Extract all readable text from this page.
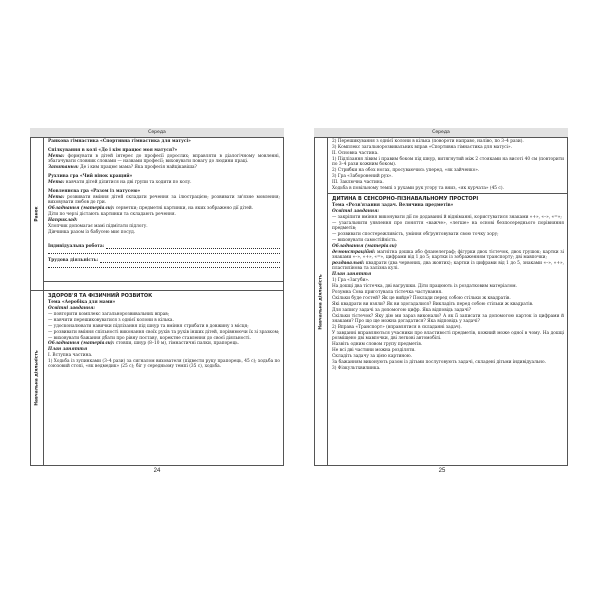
Середа
Ранок
Навчальна діяльність

Ранкова гімнастика «Спортивна гімнастика для матусі»

Спілкування в колі «До і кім працює моя матуся?»

Мета: формувати в дітей інтерес до професії дорослих; вправляти в діалогічному мовленні, збагачувати словник словами — назвами професії; виховувати повагу до людини праці.

Запитання: Де і ким працює мама? Яка професія найцікавіша?

Рухлива гра «Чий вінок кращий»

Мета: навчати дітей ділитися на дві групи та ходити по колу.

Мовленнєва гра «Разом із матусею»

Мета: розвивати вміння дітей складати речення за ілюстрацією; розвивати зв'язне мовлення; виховувати любов до гри.

Обладнання (матеріали): серветки; предметні картинки, на яких зображено дії дітей.

Діти по черзі дістають картинки та складають речення.

Наприклад:

Хлопчик допомагає мамі підмітати підлогу.

Дівчинка разом із бабусею миє посуд.

Індивідуальна робота:
Трудова діяльність:

ЗДОРОВ'Я ТА ФІЗИЧНИЙ РОЗВИТОК

Тема «Аеробіка для мами»

Освітні завдання:

— повторити комплекс загальнорозвивальних вправ;

— навчити перешиковуватися з однієї колони в кілька.

— удосконалювати навички підлізання під шнур та вміння стрибати в довжину з місця;

— розвивати вміння спільності виконання своїх рухів та рухів інших дітей, порівнюючи їх зі зразком;

— виховувати бажання дбати про рівну поставу, коректне ставлення до своєї діяльності.

Обладнання (матеріали): стовпи, шнур (8–10 м), гімнастичні палки, прапорець.

План заняття

I. Вступна частина.

1) Ходьба із зупинками (3–4 рази) за сигналом вихователя (підвести руку прапорець, 45 с); ходьба по союзовий стопі, «як ведмедик» (25 с); біг у середньому темпі (35 с), ходьба.

24
Середа
Навчальна діяльність

2) Перешикування з однієї колони в кілька (повороти направо, наліво, по 3–4 рази).

3) Комплекс загальнорозвивальних вправ «Спортивна гімнастика для матусі».

II. Основна частина.

1) Підлізання лівим і правим боком під шнур, витягнутий між 2 стояками на висоті 40 см (повторити по 3–4 рази кожним боком).

2) Стрибки на обох ногах, просуваючись уперед, «як зайченко».

3) Гра «Заборонений рух».

III. Заключна частина.

Ходьба в повільному темпі з рухами рук угору та вниз, «як курчата» (45 с).

ДИТИНА В СЕНСОРНО-ПІЗНАВАЛЬНОМУ ПРОСТОРІ

Тема «Розв'язання задач. Величина предметів»

Освітні завдання:

— закріпити вміння виконувати дії по додаванні й відніманні, користуватися знаками «+», «–», «=»;

— узагальнити уявлення про поняття «важче», «легше» на основі безпосереднього порівняння предметів;

— розвивати спостережливість, уміння обґрунтовувати свою точку зору;

— виховувати самостійність.

Обладнання (матеріали)

демонстраційні: магнітна дошка або фланелеграф; фігурки двох тістечок, двох грушок; картки зі знаками «–», «+», «=», цифрами від 1 до 5; картки із зображенням транспорту; дві мавпочки;

роздавальні: квадрати (два червоних, два жовтих); картки із цифрами від 1 до 5, знаками «–», «+», пластилінова та залізна кулі.

План заняття

1) Гра «Загуби».

На дошці два тістечка, дві вагрушки. Діти працюють із роздатковим матеріалом.

Розумна Сова приготувала тістечка частування.

Скільки буде гостей? Як це вийде? Поклади перед собою стільки ж квадратів.

Які квадрати ви взяли? Як ви здогадалися? Викладіть перед собою стільки ж квадратів.

Для запису задачі за допомогою цифр. Яка відповідь задачі?

Скільки тістечок? Яку дію ми зараз виконали? А як її записати за допомогою карток із цифрами й знаками? Про що ще можна догадатися? Яка відповідь у задачі?

2) Вправа «Транспорт» (вправлятися в складанні задач).

У завданні вправляються учасники про властивості предметів, кожний може одної в чому. На дошці розміщено дві мавпочки, дві легкові автомобілі.

Назвіть одним словом групу предметів.

Не всі дві частини можна розділяти.

Складіть задачу за цією картиною.

За бажанням виконують разом із дітьми послуговують задачі, складені дітьми індивідуально.

3) Фізкультхвилинка.

25
